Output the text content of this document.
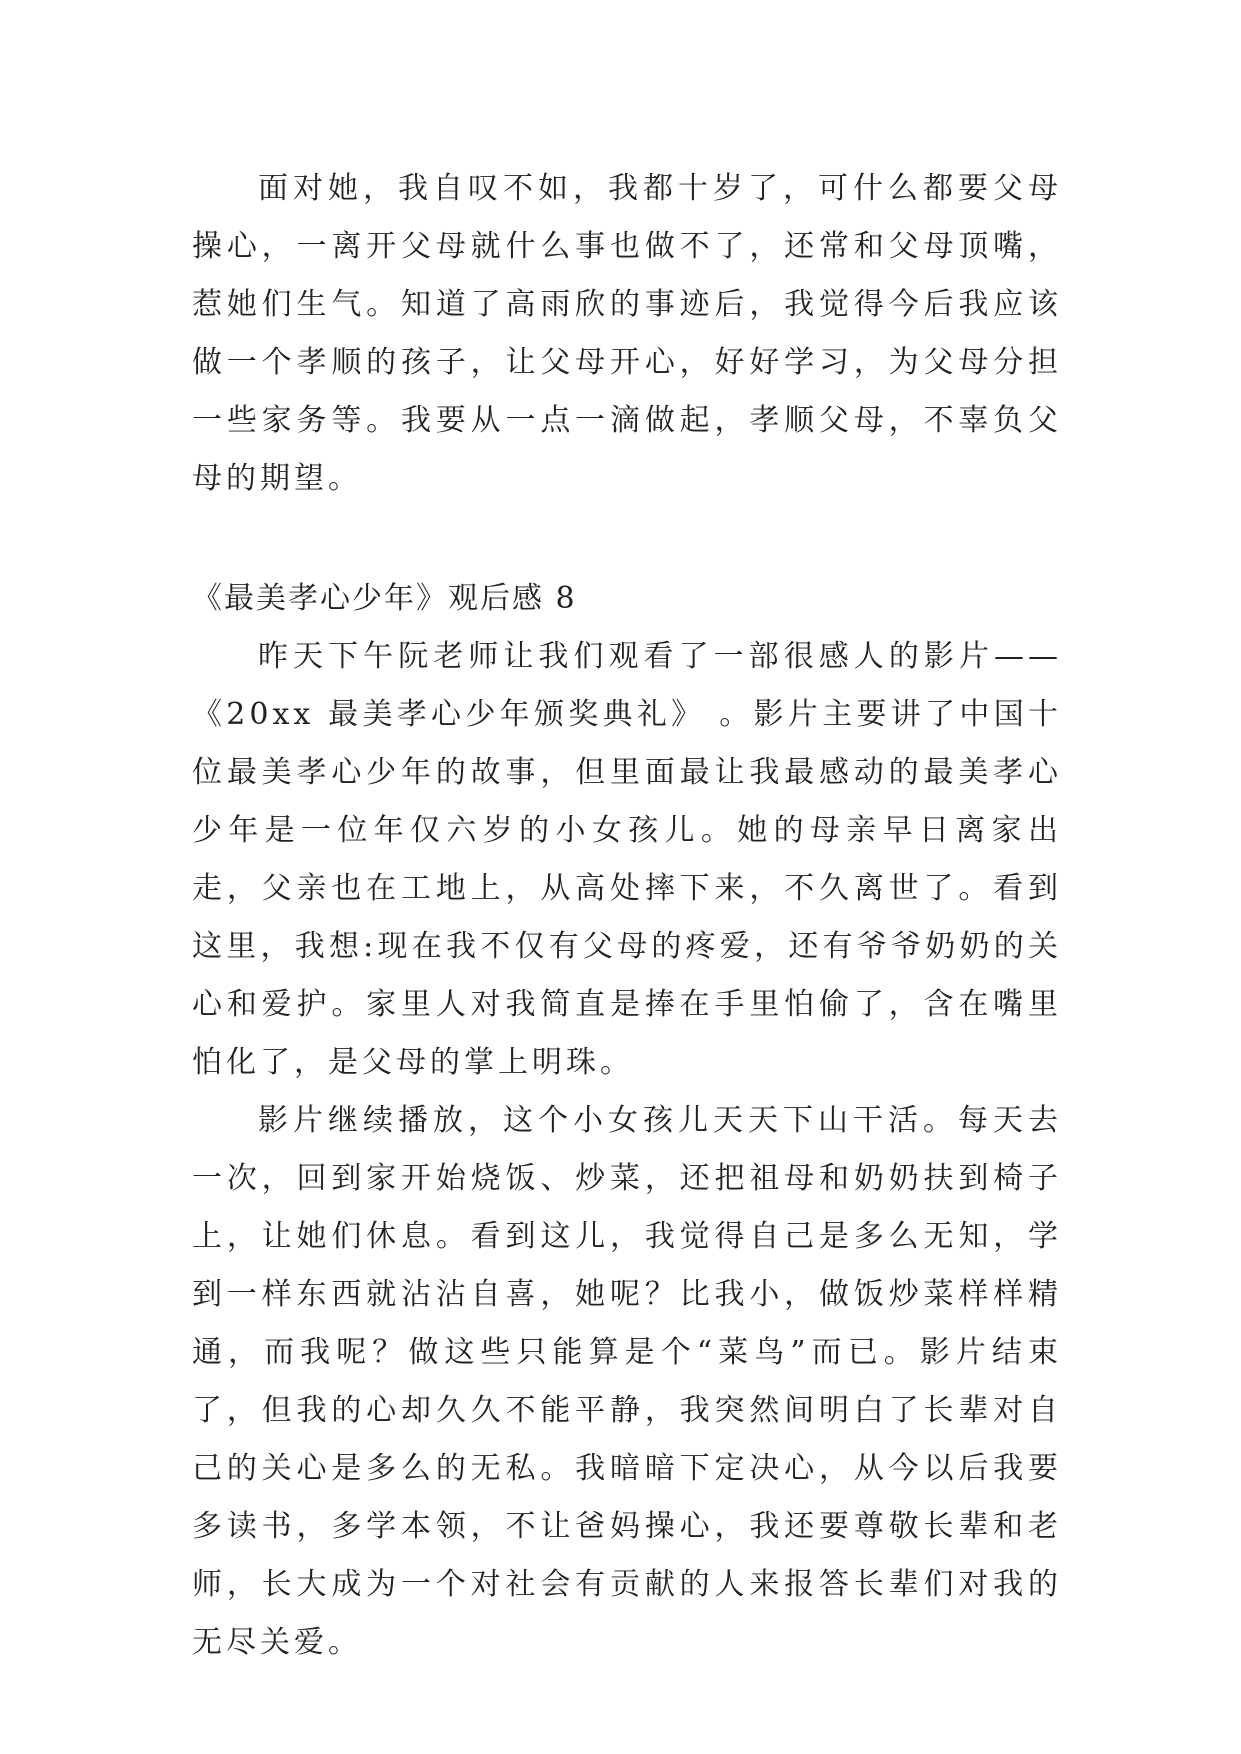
面对她，我自叹不如，我都十岁了，可什么都要父母操心，一离开父母就什么事也做不了，还常和父母顶嘴，惹她们生气。知道了高雨欣的事迹后，我觉得今后我应该做一个孝顺的孩子，让父母开心，好好学习，为父母分担一些家务等。我要从一点一滴做起，孝顺父母，不辜负父母的期望。

《最美孝心少年》观后感 8

昨天下午阮老师让我们观看了一部很感人的影片——《20xx 最美孝心少年颁奖典礼》 。影片主要讲了中国十位最美孝心少年的故事，但里面最让我最感动的最美孝心少年是一位年仅六岁的小女孩儿。她的母亲早日离家出走，父亲也在工地上，从高处摔下来，不久离世了。看到这里，我想:现在我不仅有父母的疼爱，还有爷爷奶奶的关心和爱护。家里人对我简直是捧在手里怕偷了，含在嘴里怕化了，是父母的掌上明珠。

影片继续播放，这个小女孩儿天天下山干活。每天去一次，回到家开始烧饭、炒菜，还把祖母和奶奶扶到椅子上，让她们休息。看到这儿，我觉得自己是多么无知，学到一样东西就沾沾自喜，她呢？比我小，做饭炒菜样样精通，而我呢？做这些只能算是个“菜鸟”而已。影片结束了，但我的心却久久不能平静，我突然间明白了长辈对自己的关心是多么的无私。我暗暗下定决心，从今以后我要多读书，多学本领，不让爸妈操心，我还要尊敬长辈和老师，长大成为一个对社会有贡献的人来报答长辈们对我的无尽关爱。
